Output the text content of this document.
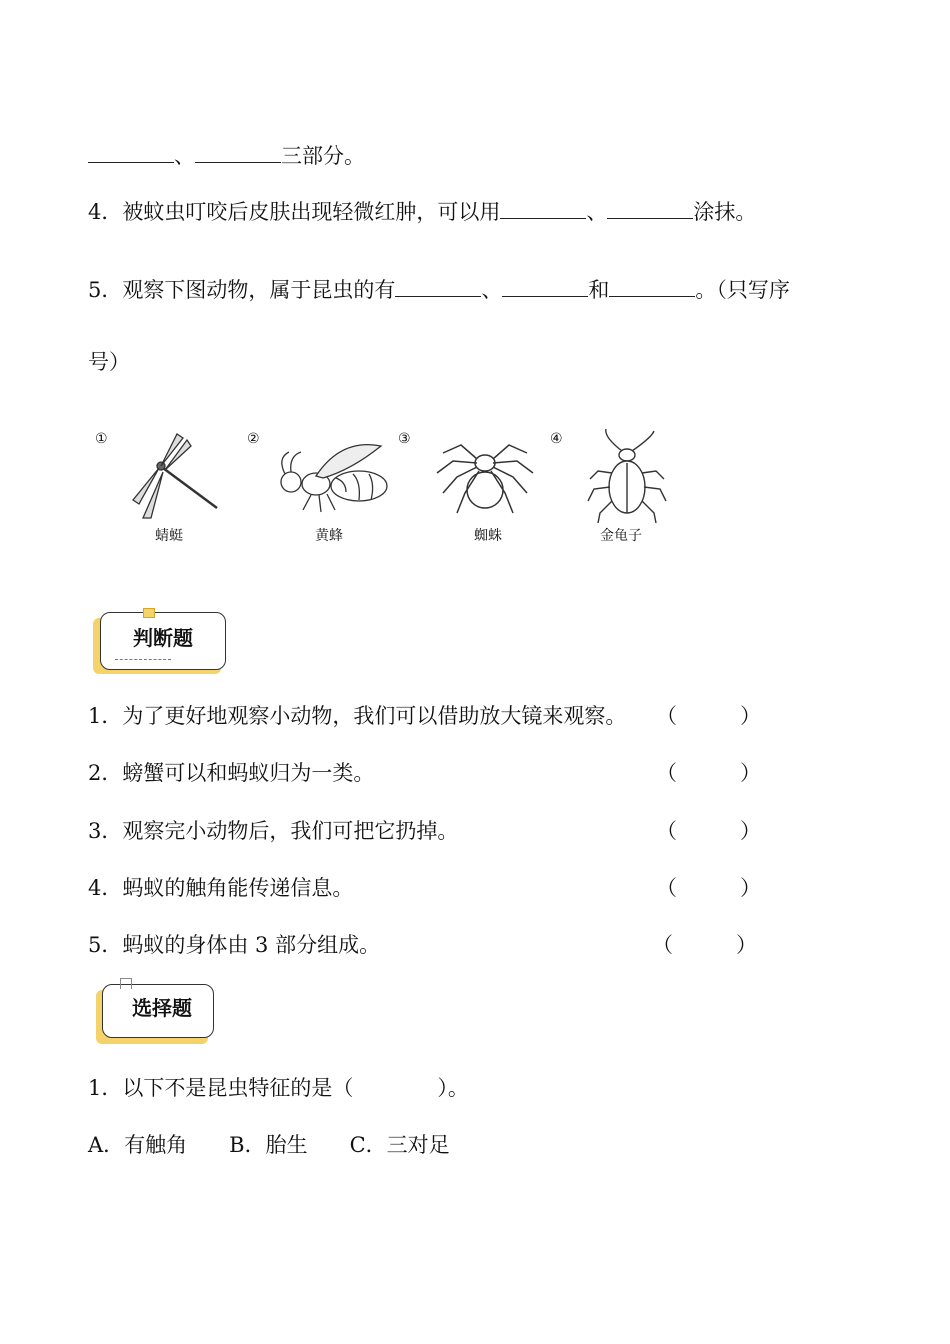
、	三部分。
4．被蚊虫叮咬后皮肤出现轻微红肿，可以用	、	涂抹。
5．观察下图动物，属于昆虫的有	、	和	。（只写序
号）
①
蜻蜓
②
黄蜂
③
蜘蛛
④
金龟子
判断题
1．为了更好地观察小动物，我们可以借助放大镜来观察。 （　　　）
2．螃蟹可以和蚂蚁归为一类。	（　　　）
3．观察完小动物后，我们可把它扔掉。	（　　　）
4．蚂蚁的触角能传递信息。	（　　　）
5．蚂蚁的身体由 3 部分组成。	（　　　）
选择题
1．以下不是昆虫特征的是（　　　　）。
A．有触角　　B．胎生　　C．三对足
